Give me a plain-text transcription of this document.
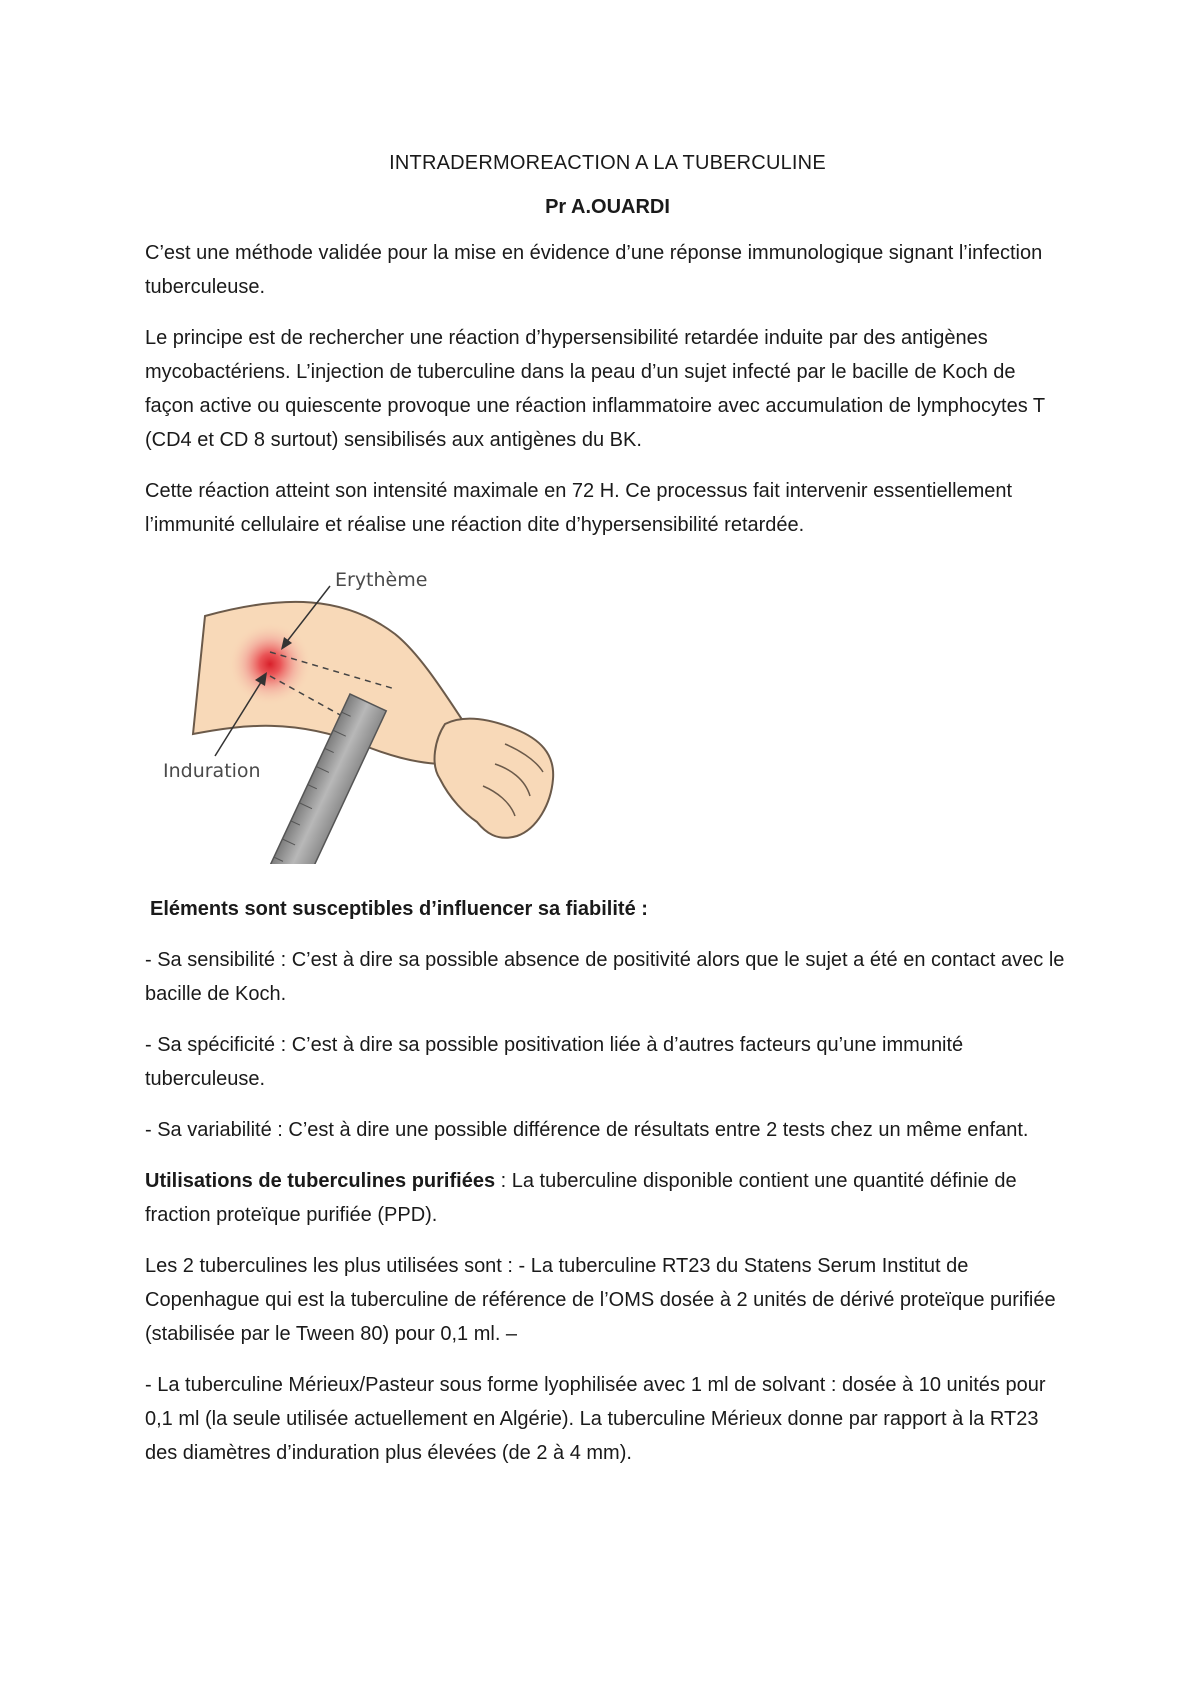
INTRADERMOREACTION A LA TUBERCULINE
Pr A.OUARDI

C’est une méthode validée pour la mise en évidence d’une réponse immunologique signant l’infection tuberculeuse.

Le principe est de rechercher une réaction d’hypersensibilité retardée induite par des antigènes mycobactériens. L’injection de tuberculine dans la peau d’un sujet infecté par le bacille de Koch de façon active ou quiescente provoque une réaction inflammatoire avec accumulation de lymphocytes T (CD4 et CD 8 surtout) sensibilisés aux antigènes du BK.

Cette réaction atteint son intensité maximale en 72 H. Ce processus fait intervenir essentiellement l’immunité cellulaire et réalise une réaction dite d’hypersensibilité retardée.

Erythème
Induration

Eléments sont susceptibles d’influencer sa fiabilité :

- Sa sensibilité : C’est à dire sa possible absence de positivité alors que le sujet a été en contact avec le bacille de Koch.

- Sa spécificité : C’est à dire sa possible positivation liée à d’autres facteurs qu’une immunité tuberculeuse.

- Sa variabilité : C’est à dire une possible différence de résultats entre 2 tests chez un même enfant.

Utilisations de tuberculines purifiées : La tuberculine disponible contient une quantité définie de fraction proteïque purifiée (PPD).

Les 2 tuberculines les plus utilisées sont : - La tuberculine RT23 du Statens Serum Institut de Copenhague qui est la tuberculine de référence de l’OMS dosée à 2 unités de dérivé proteïque purifiée (stabilisée par le Tween 80) pour 0,1 ml. –

- La tuberculine Mérieux/Pasteur sous forme lyophilisée avec 1 ml de solvant : dosée à 10 unités pour 0,1 ml (la seule utilisée actuellement en Algérie). La tuberculine Mérieux donne par rapport à la RT23 des diamètres d’induration plus élevées (de 2 à 4 mm).
